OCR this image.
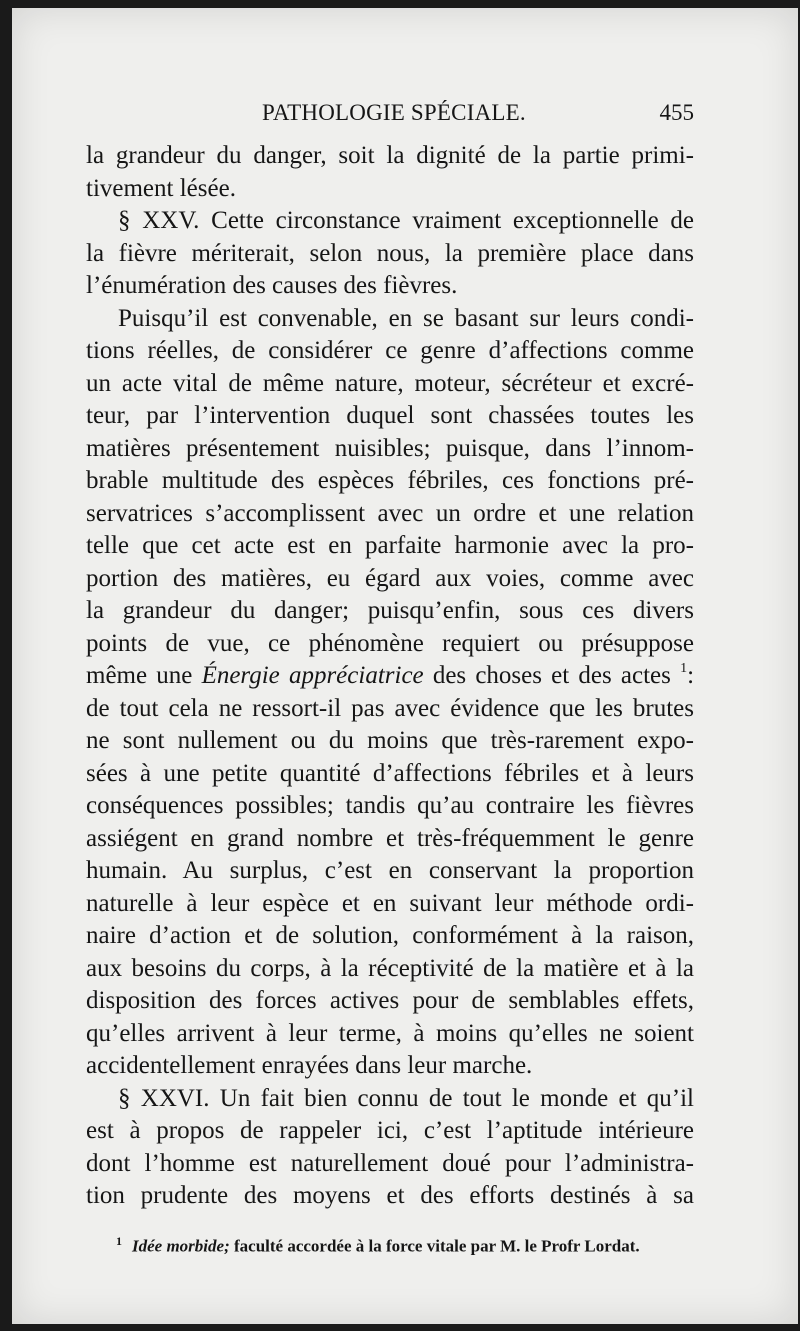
PATHOLOGIE SPÉCIALE.	455
la grandeur du danger, soit la dignité de la partie primi-
tivement lésée.
§ XXV. Cette circonstance vraiment exceptionnelle de
la fièvre mériterait, selon nous, la première place dans
l’énumération des causes des fièvres.
Puisqu’il est convenable, en se basant sur leurs condi-
tions réelles, de considérer ce genre d’affections comme
un acte vital de même nature, moteur, sécréteur et excré-
teur, par l’intervention duquel sont chassées toutes les
matières présentement nuisibles; puisque, dans l’innom-
brable multitude des espèces fébriles, ces fonctions pré-
servatrices s’accomplissent avec un ordre et une relation
telle que cet acte est en parfaite harmonie avec la pro-
portion des matières, eu égard aux voies, comme avec
la grandeur du danger; puisqu’enfin, sous ces divers
points de vue, ce phénomène requiert ou présuppose
même une Énergie appréciatrice des choses et des actes $^1$:
de tout cela ne ressort-il pas avec évidence que les brutes
ne sont nullement ou du moins que très-rarement expo-
sées à une petite quantité d’affections fébriles et à leurs
conséquences possibles; tandis qu’au contraire les fièvres
assiégent en grand nombre et très-fréquemment le genre
humain. Au surplus, c’est en conservant la proportion
naturelle à leur espèce et en suivant leur méthode ordi-
naire d’action et de solution, conformément à la raison,
aux besoins du corps, à la réceptivité de la matière et à la
disposition des forces actives pour de semblables effets,
qu’elles arrivent à leur terme, à moins qu’elles ne soient
accidentellement enrayées dans leur marche.
§ XXVI. Un fait bien connu de tout le monde et qu’il
est à propos de rappeler ici, c’est l’aptitude intérieure
dont l’homme est naturellement doué pour l’administra-
tion prudente des moyens et des efforts destinés à sa
$^1$ Idée morbide; faculté accordée à la force vitale par M. le Profr Lordat.
